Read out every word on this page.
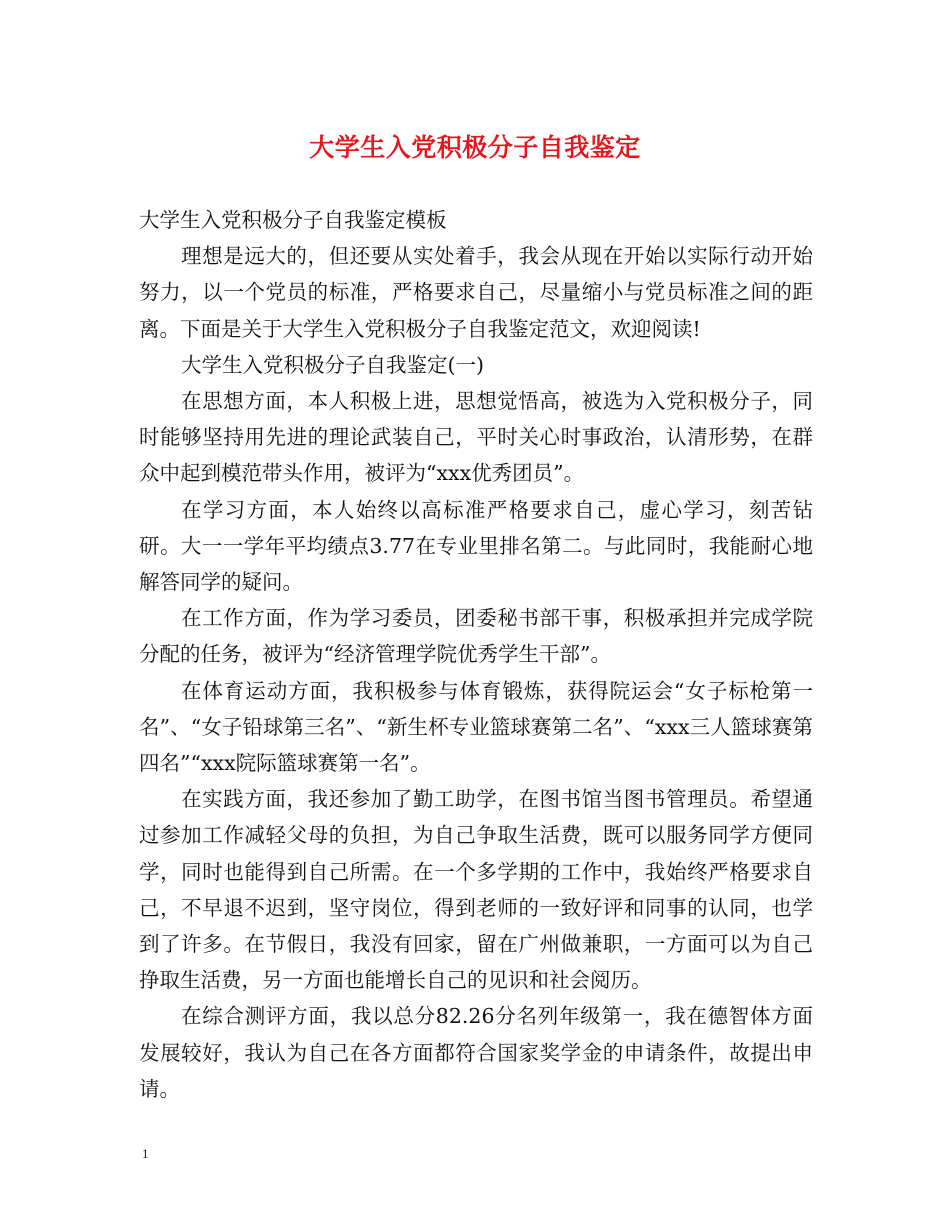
大学生入党积极分子自我鉴定

大学生入党积极分子自我鉴定模板

理想是远大的，但还要从实处着手，我会从现在开始以实际行动开始努力，以一个党员的标准，严格要求自己，尽量缩小与党员标准之间的距离。下面是关于大学生入党积极分子自我鉴定范文，欢迎阅读!

大学生入党积极分子自我鉴定(一)

在思想方面，本人积极上进，思想觉悟高，被选为入党积极分子，同时能够坚持用先进的理论武装自己，平时关心时事政治，认清形势，在群众中起到模范带头作用，被评为“xxx优秀团员”。

在学习方面，本人始终以高标准严格要求自己，虚心学习，刻苦钻研。大一一学年平均绩点3.77在专业里排名第二。与此同时，我能耐心地解答同学的疑问。

在工作方面，作为学习委员，团委秘书部干事，积极承担并完成学院分配的任务，被评为“经济管理学院优秀学生干部”。

在体育运动方面，我积极参与体育锻炼，获得院运会“女子标枪第一名”、“女子铅球第三名”、“新生杯专业篮球赛第二名”、“xxx三人篮球赛第四名”“xxx院际篮球赛第一名”。

在实践方面，我还参加了勤工助学，在图书馆当图书管理员。希望通过参加工作减轻父母的负担，为自己争取生活费，既可以服务同学方便同学，同时也能得到自己所需。在一个多学期的工作中，我始终严格要求自己，不早退不迟到，坚守岗位，得到老师的一致好评和同事的认同，也学到了许多。在节假日，我没有回家，留在广州做兼职，一方面可以为自己挣取生活费，另一方面也能增长自己的见识和社会阅历。

在综合测评方面，我以总分82.26分名列年级第一，我在德智体方面发展较好，我认为自己在各方面都符合国家奖学金的申请条件，故提出申请。

1
